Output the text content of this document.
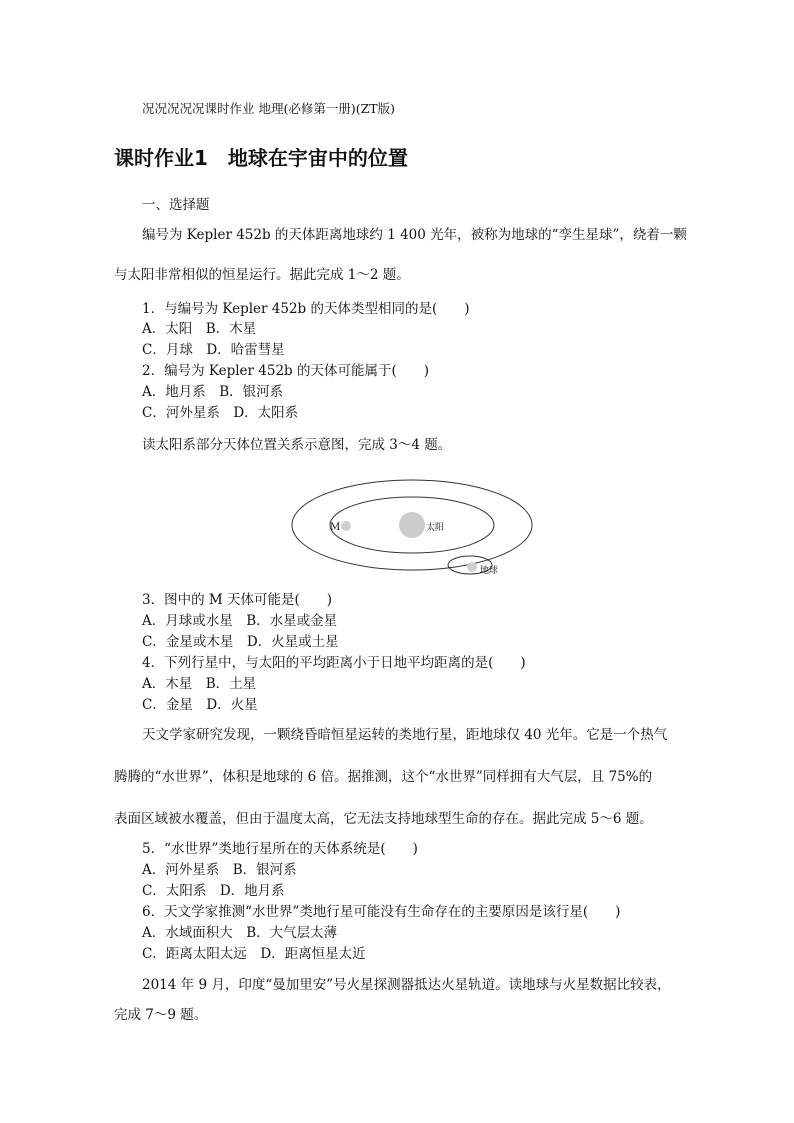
况况况况况课时作业 地理(必修第一册)(ZT版)
课时作业1　地球在宇宙中的位置
一、选择题
编号为 Kepler 452b 的天体距离地球约 1 400 光年，被称为地球的“孪生星球”，绕着一颗
与太阳非常相似的恒星运行。据此完成 1～2 题。
1．与编号为 Kepler 452b 的天体类型相同的是(　　)
A．太阳　B．木星
C．月球　D．哈雷彗星
2．编号为 Kepler 452b 的天体可能属于(　　)
A．地月系　B．银河系
C．河外星系　D．太阳系
读太阳系部分天体位置关系示意图，完成 3～4 题。
M	太阳
地球
3．图中的 M 天体可能是(　　)
A．月球或水星　B．水星或金星
C．金星或木星　D．火星或土星
4．下列行星中，与太阳的平均距离小于日地平均距离的是(　　)
A．木星　B．土星
C．金星　D．火星
天文学家研究发现，一颗绕昏暗恒星运转的类地行星，距地球仅 40 光年。它是一个热气
腾腾的“水世界”，体积是地球的 6 倍。据推测，这个“水世界”同样拥有大气层，且 75%的
表面区域被水覆盖，但由于温度太高，它无法支持地球型生命的存在。据此完成 5～6 题。
5．“水世界”类地行星所在的天体系统是(　　)
A．河外星系　B．银河系
C．太阳系　D．地月系
6．天文学家推测“水世界”类地行星可能没有生命存在的主要原因是该行星(　　)
A．水域面积大　B．大气层太薄
C．距离太阳太远　D．距离恒星太近
2014 年 9 月，印度“曼加里安”号火星探测器抵达火星轨道。读地球与火星数据比较表，
完成 7～9 题。
